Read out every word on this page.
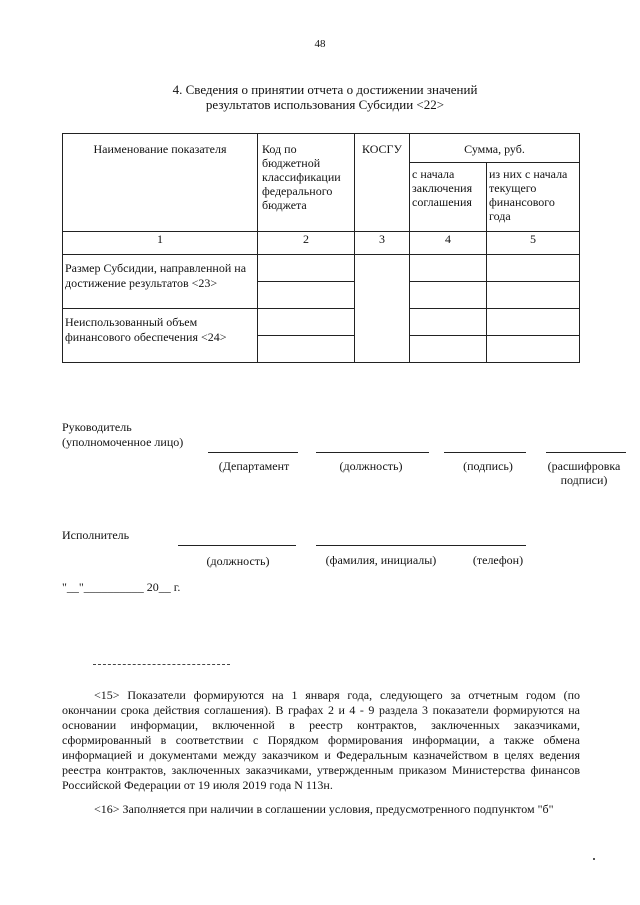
48
4. Сведения о принятии отчета о достижении значений
результатов использования Субсидии <22>
Наименование показателя	Код по бюджетной классификации федерального бюджета	КОСГУ	Сумма, руб.	

			с начала заключения соглашения	из них с начала текущего финансового года

1	2	3	4	5

Размер Субсидии, направленной на достижение результатов <23>				

Неиспользованный объем финансового обеспечения <24>				

Руководитель
(уполномоченное лицо)
(Департамент	(должность)	(подпись)	(расшифровка
подписи)
Исполнитель
(должность)	(фамилия, инициалы)	(телефон)
"__"__________ 20__ г.
<15> Показатели формируются на 1 января года, следующего за отчетным годом (по окончании срока действия соглашения). В графах 2 и 4 - 9 раздела 3 показатели формируются на основании информации, включенной в реестр контрактов, заключенных заказчиками, сформированный в соответствии с Порядком формирования информации, а также обмена информацией и документами между заказчиком и Федеральным казначейством в целях ведения реестра контрактов, заключенных заказчиками, утвержденным приказом Министерства финансов Российской Федерации от 19 июля 2019 года N 113н.
<16> Заполняется при наличии в соглашении условия, предусмотренного подпунктом "б"
